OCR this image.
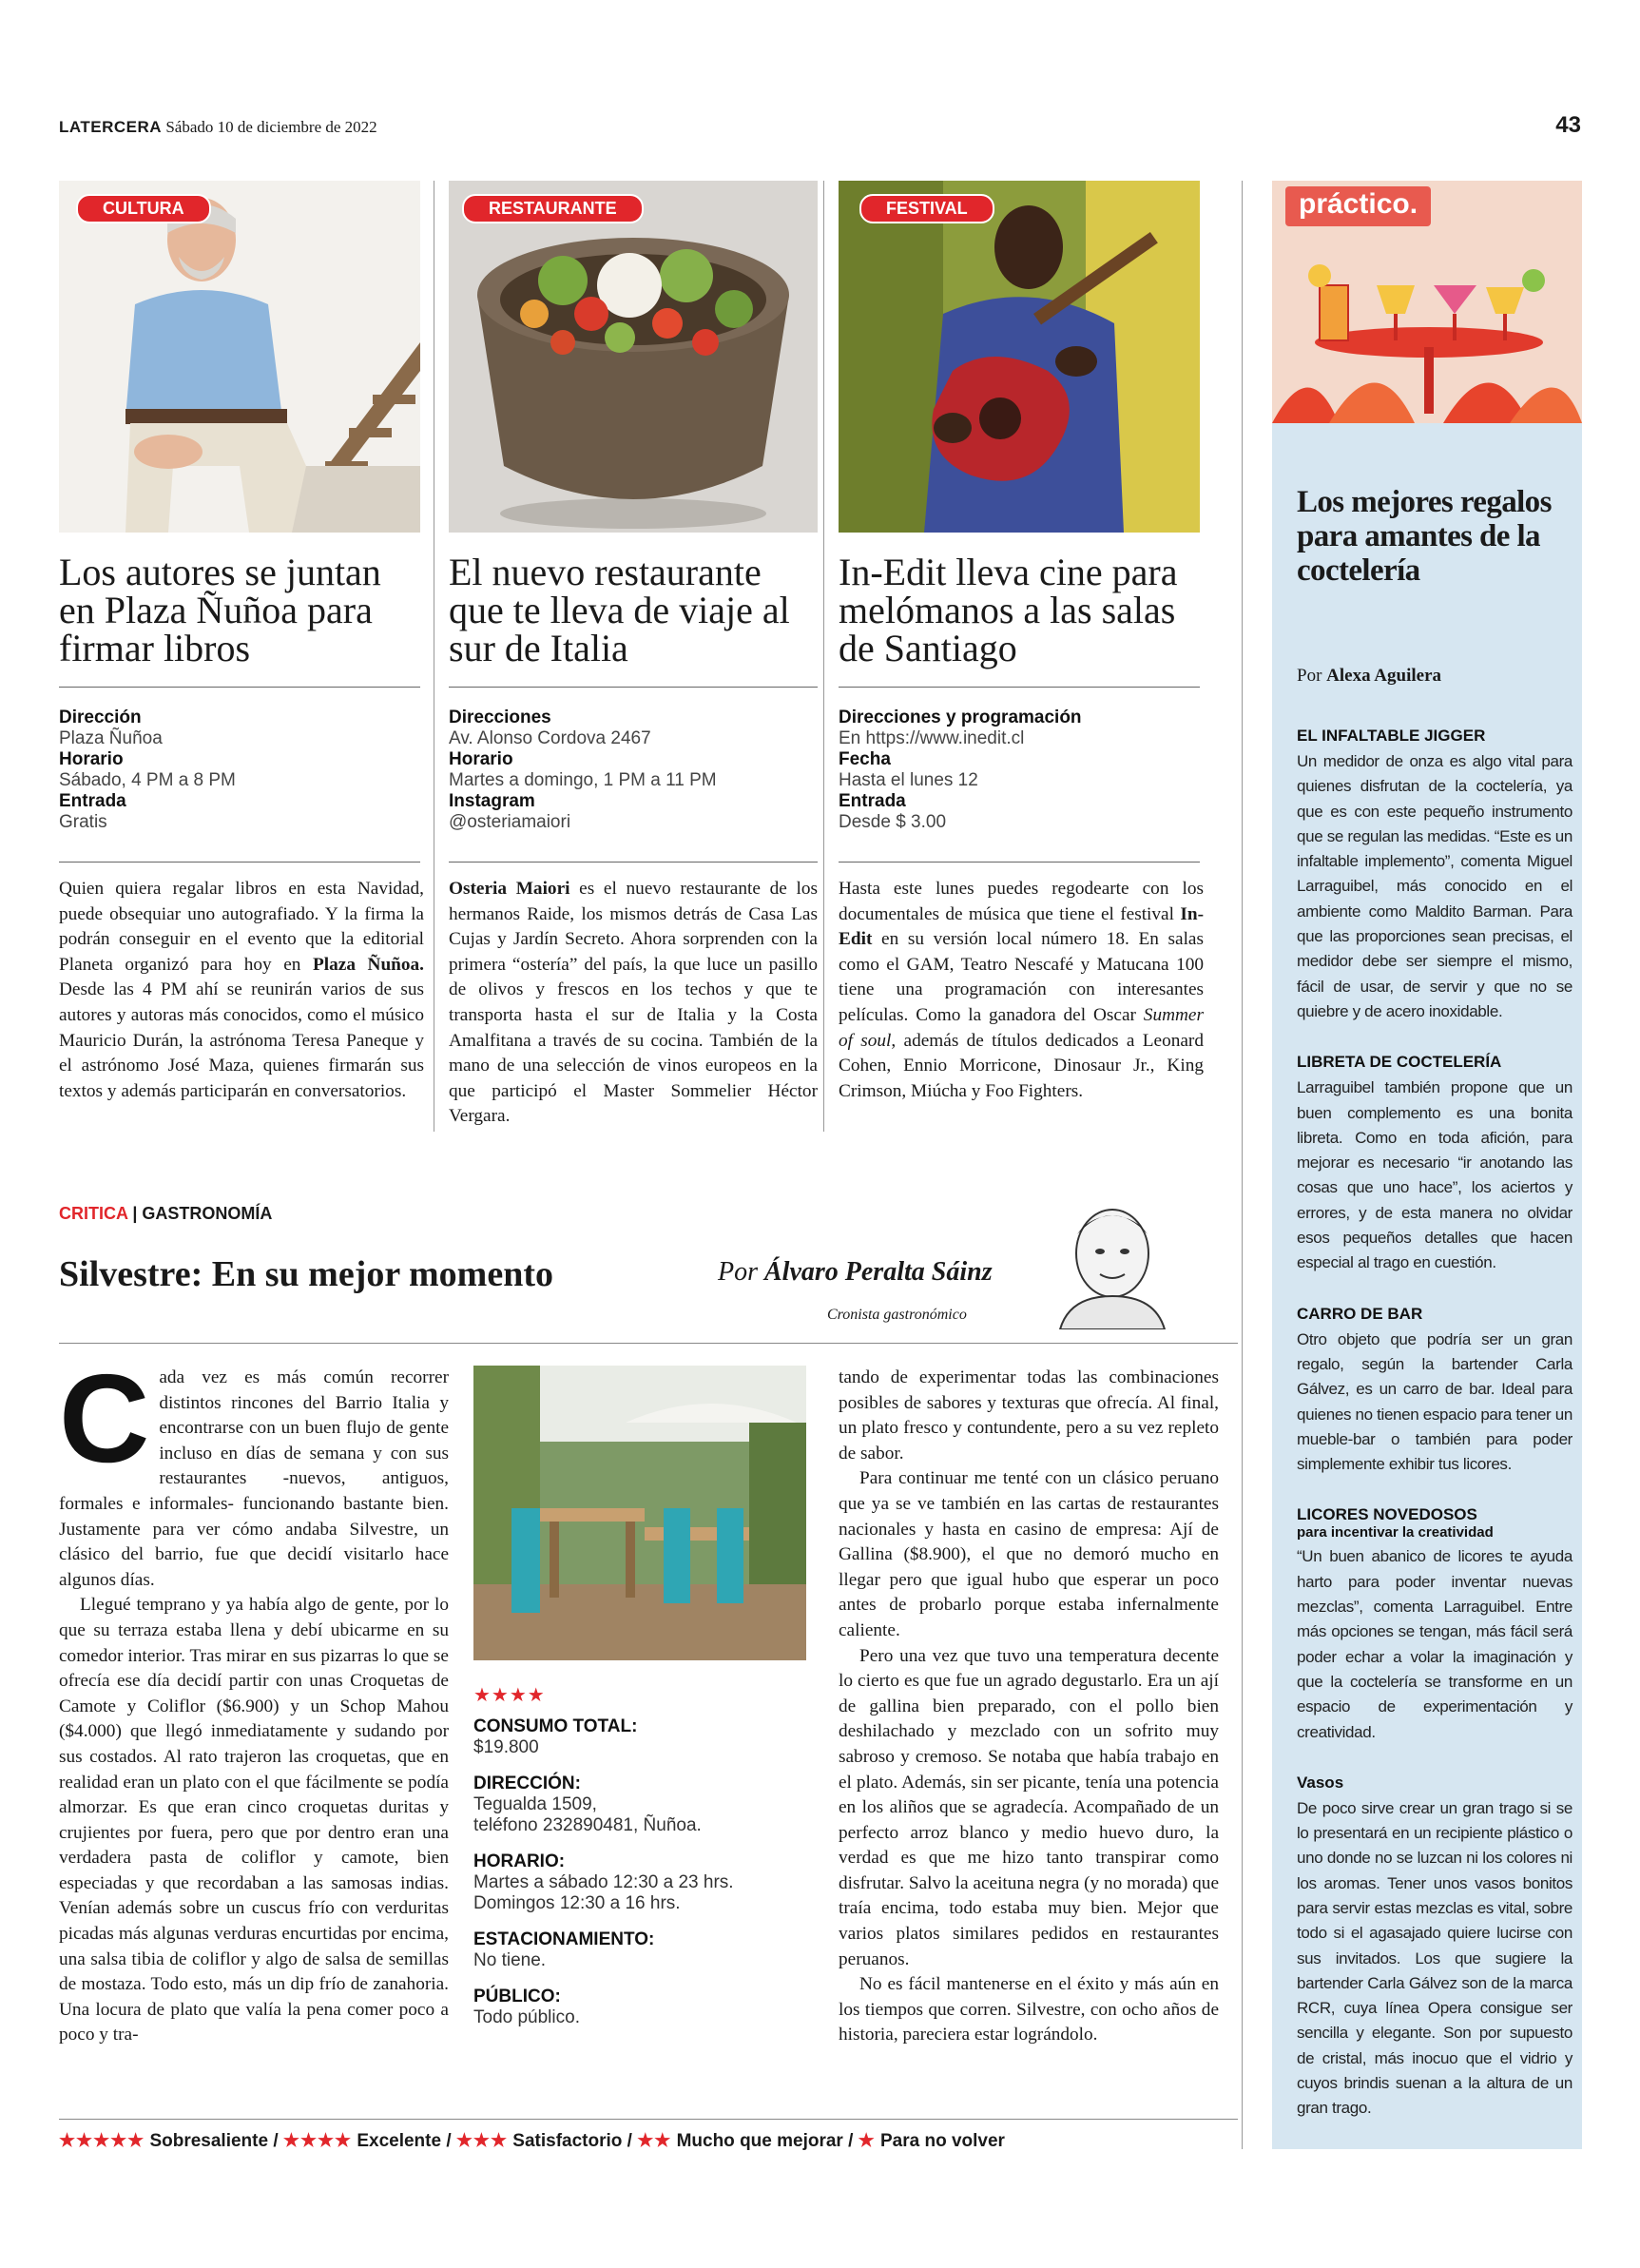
LATERCERA Sábado 10 de diciembre de 2022	43
CULTURA	RESTAURANTE	FESTIVAL
Los autores se juntan en Plaza Ñuñoa para firmar libros
El nuevo restaurante que te lleva de viaje al sur de Italia
In-Edit lleva cine para melómanos a las salas de Santiago
Dirección
Plaza Ñuñoa
Horario
Sábado, 4 PM a 8 PM
Entrada
Gratis
Direcciones
Av. Alonso Cordova 2467
Horario
Martes a domingo, 1 PM a 11 PM
Instagram
@osteriamaiori
Direcciones y programación
En https://www.inedit.cl
Fecha
Hasta el lunes 12
Entrada
Desde $ 3.00
Quien quiera regalar libros en esta Navidad, puede obsequiar uno autografiado. Y la firma la podrán conseguir en el evento que la editorial Planeta organizó para hoy en Plaza Ñuñoa. Desde las 4 PM ahí se reunirán varios de sus autores y autoras más conocidos, como el músico Mauricio Durán, la astrónoma Teresa Paneque y el astrónomo José Maza, quienes firmarán sus textos y además participarán en conversatorios.
Osteria Maiori es el nuevo restaurante de los hermanos Raide, los mismos detrás de Casa Las Cujas y Jardín Secreto. Ahora sorprenden con la primera “ostería” del país, la que luce un pasillo de olivos y frescos en los techos y que te transporta hasta el sur de Italia y la Costa Amalfitana a través de su cocina. También de la mano de una selección de vinos europeos en la que participó el Master Sommelier Héctor Vergara.
Hasta este lunes puedes regodearte con los documentales de música que tiene el festival In-Edit en su versión local número 18. En salas como el GAM, Teatro Nescafé y Matucana 100 tiene una programación con interesantes películas. Como la ganadora del Oscar Summer of soul, además de títulos dedicados a Leonard Cohen, Ennio Morricone, Dinosaur Jr., King Crimson, Miúcha y Foo Fighters.
CRITICA | GASTRONOMÍA
Silvestre: En su mejor momento	Por Álvaro Peralta Sáinz
Cronista gastronómico
Cada vez es más común recorrer distintos rincones del Barrio Italia y encontrarse con un buen flujo de gente incluso en días de semana y con sus restaurantes -nuevos, antiguos, formales e informales- funcionando bastante bien. Justamente para ver cómo andaba Silvestre, un clásico del barrio, fue que decidí visitarlo hace algunos días.
Llegué temprano y ya había algo de gente, por lo que su terraza estaba llena y debí ubicarme en su comedor interior. Tras mirar en sus pizarras lo que se ofrecía ese día decidí partir con unas Croquetas de Camote y Coliflor ($6.900) y un Schop Mahou ($4.000) que llegó inmediatamente y sudando por sus costados. Al rato trajeron las croquetas, que en realidad eran un plato con el que fácilmente se podía almorzar. Es que eran cinco croquetas duritas y crujientes por fuera, pero que por dentro eran una verdadera pasta de coliflor y camote, bien especiadas y que recordaban a las samosas indias. Venían además sobre un cuscus frío con verduritas picadas más algunas verduras encurtidas por encima, una salsa tibia de coliflor y algo de salsa de semillas de mostaza. Todo esto, más un dip frío de zanahoria. Una locura de plato que valía la pena comer poco a poco y tra-
★★★★
CONSUMO TOTAL:
$19.800
DIRECCIÓN:
Tegualda 1509,
teléfono 232890481, Ñuñoa.
HORARIO:
Martes a sábado 12:30 a 23 hrs.
Domingos 12:30 a 16 hrs.
ESTACIONAMIENTO:
No tiene.
PÚBLICO:
Todo público.
tando de experimentar todas las combinaciones posibles de sabores y texturas que ofrecía. Al final, un plato fresco y contundente, pero a su vez repleto de sabor.
Para continuar me tenté con un clásico peruano que ya se ve también en las cartas de restaurantes nacionales y hasta en casino de empresa: Ají de Gallina ($8.900), el que no demoró mucho en llegar pero que igual hubo que esperar un poco antes de probarlo porque estaba infernalmente caliente.
Pero una vez que tuvo una temperatura decente lo cierto es que fue un agrado degustarlo. Era un ají de gallina bien preparado, con el pollo bien deshilachado y mezclado con un sofrito muy sabroso y cremoso. Se notaba que había trabajo en el plato. Además, sin ser picante, tenía una potencia en los aliños que se agradecía. Acompañado de un perfecto arroz blanco y medio huevo duro, la verdad es que me hizo tanto transpirar como disfrutar. Salvo la aceituna negra (y no morada) que traía encima, todo estaba muy bien. Mejor que varios platos similares pedidos en restaurantes peruanos.
No es fácil mantenerse en el éxito y más aún en los tiempos que corren. Silvestre, con ocho años de historia, pareciera estar lográndolo.
★★★★★ Sobresaliente / ★★★★ Excelente / ★★★ Satisfactorio / ★★ Mucho que mejorar / ★ Para no volver
práctico.
Los mejores regalos para amantes de la coctelería
Por Alexa Aguilera
EL INFALTABLE JIGGER
Un medidor de onza es algo vital para quienes disfrutan de la coctelería, ya que es con este pequeño instrumento que se regulan las medidas. “Este es un infaltable implemento”, comenta Miguel Larraguibel, más conocido en el ambiente como Maldito Barman. Para que las proporciones sean precisas, el medidor debe ser siempre el mismo, fácil de usar, de servir y que no se quiebre y de acero inoxidable.
LIBRETA DE COCTELERÍA
Larraguibel también propone que un buen complemento es una bonita libreta. Como en toda afición, para mejorar es necesario “ir anotando las cosas que uno hace”, los aciertos y errores, y de esta manera no olvidar esos pequeños detalles que hacen especial al trago en cuestión.
CARRO DE BAR
Otro objeto que podría ser un gran regalo, según la bartender Carla Gálvez, es un carro de bar. Ideal para quienes no tienen espacio para tener un mueble-bar o también para poder simplemente exhibir tus licores.
LICORES NOVEDOSOS
para incentivar la creatividad
“Un buen abanico de licores te ayuda harto para poder inventar nuevas mezclas”, comenta Larraguibel. Entre más opciones se tengan, más fácil será poder echar a volar la imaginación y que la coctelería se transforme en un espacio de experimentación y creatividad.
Vasos
De poco sirve crear un gran trago si se lo presentará en un recipiente plástico o uno donde no se luzcan ni los colores ni los aromas. Tener unos vasos bonitos para servir estas mezclas es vital, sobre todo si el agasajado quiere lucirse con sus invitados. Los que sugiere la bartender Carla Gálvez son de la marca RCR, cuya línea Opera consigue ser sencilla y elegante. Son por supuesto de cristal, más inocuo que el vidrio y cuyos brindis suenan a la altura de un gran trago.
